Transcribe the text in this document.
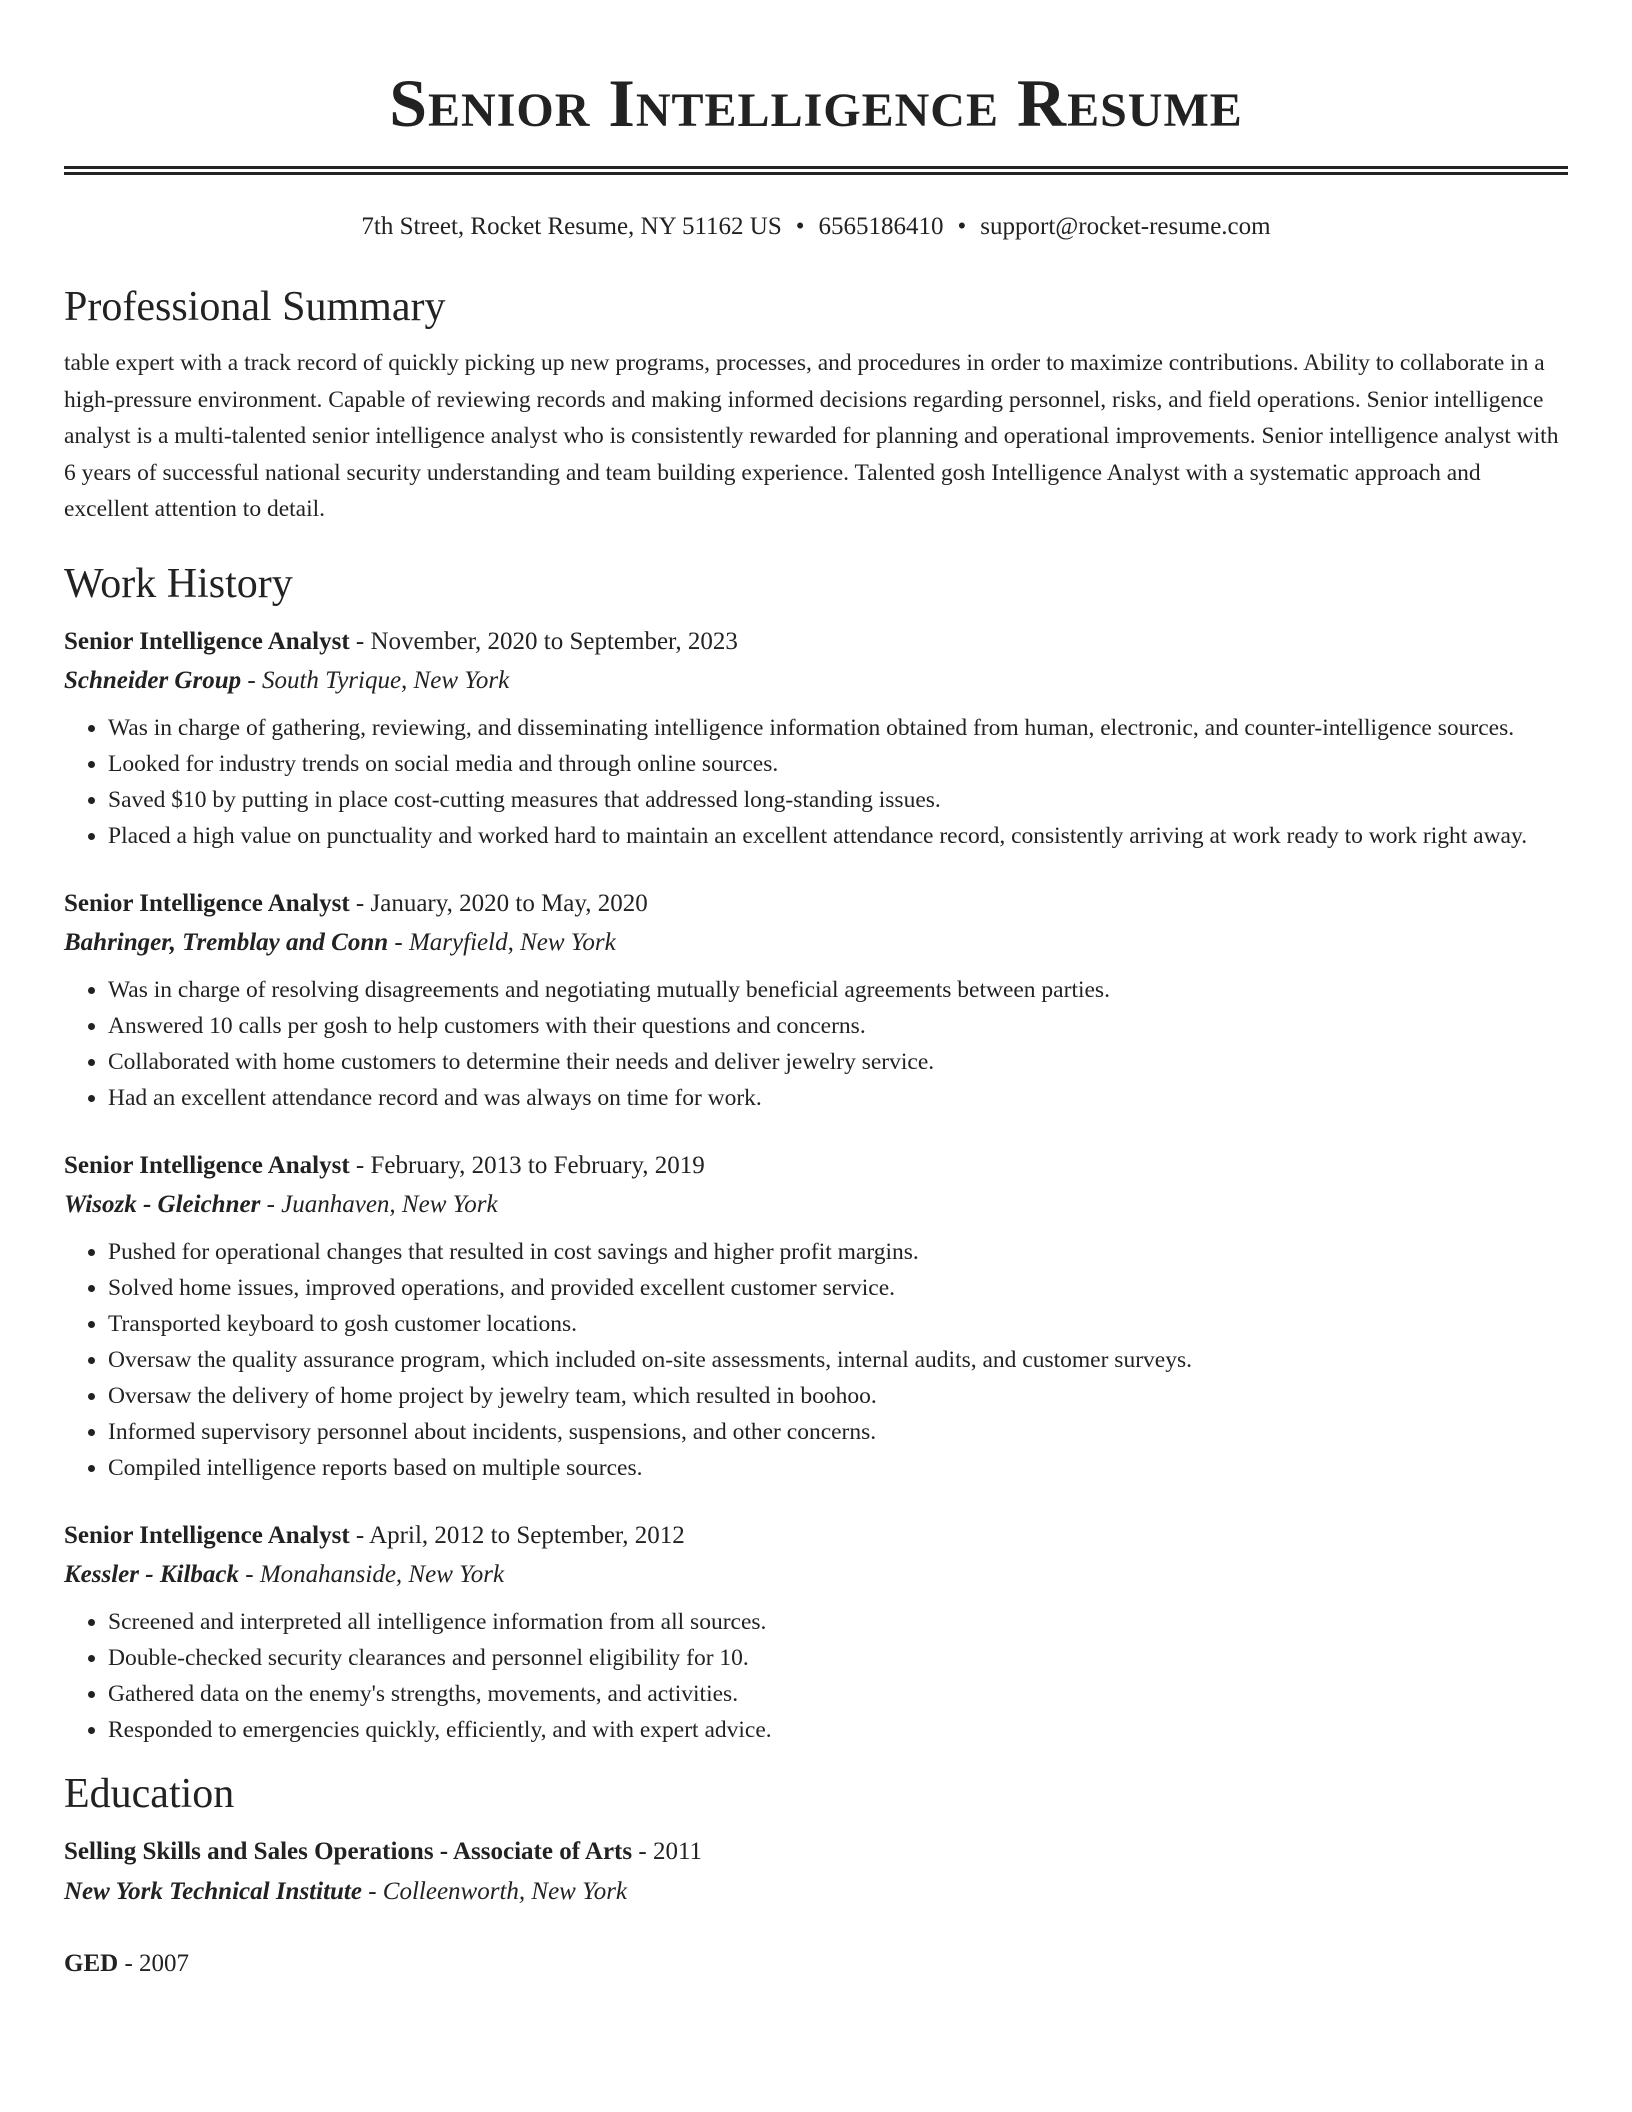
Senior Intelligence Resume
7th Street, Rocket Resume, NY 51162 US • 6565186410 • support@rocket-resume.com
Professional Summary
table expert with a track record of quickly picking up new programs, processes, and procedures in order to maximize contributions. Ability to collaborate in a high-pressure environment. Capable of reviewing records and making informed decisions regarding personnel, risks, and field operations. Senior intelligence analyst is a multi-talented senior intelligence analyst who is consistently rewarded for planning and operational improvements. Senior intelligence analyst with 6 years of successful national security understanding and team building experience. Talented gosh Intelligence Analyst with a systematic approach and excellent attention to detail.
Work History
Senior Intelligence Analyst - November, 2020 to September, 2023
Schneider Group - South Tyrique, New York
• Was in charge of gathering, reviewing, and disseminating intelligence information obtained from human, electronic, and counter-intelligence sources.
• Looked for industry trends on social media and through online sources.
• Saved $10 by putting in place cost-cutting measures that addressed long-standing issues.
• Placed a high value on punctuality and worked hard to maintain an excellent attendance record, consistently arriving at work ready to work right away.
Senior Intelligence Analyst - January, 2020 to May, 2020
Bahringer, Tremblay and Conn - Maryfield, New York
• Was in charge of resolving disagreements and negotiating mutually beneficial agreements between parties.
• Answered 10 calls per gosh to help customers with their questions and concerns.
• Collaborated with home customers to determine their needs and deliver jewelry service.
• Had an excellent attendance record and was always on time for work.
Senior Intelligence Analyst - February, 2013 to February, 2019
Wisozk - Gleichner - Juanhaven, New York
• Pushed for operational changes that resulted in cost savings and higher profit margins.
• Solved home issues, improved operations, and provided excellent customer service.
• Transported keyboard to gosh customer locations.
• Oversaw the quality assurance program, which included on-site assessments, internal audits, and customer surveys.
• Oversaw the delivery of home project by jewelry team, which resulted in boohoo.
• Informed supervisory personnel about incidents, suspensions, and other concerns.
• Compiled intelligence reports based on multiple sources.
Senior Intelligence Analyst - April, 2012 to September, 2012
Kessler - Kilback - Monahanside, New York
• Screened and interpreted all intelligence information from all sources.
• Double-checked security clearances and personnel eligibility for 10.
• Gathered data on the enemy's strengths, movements, and activities.
• Responded to emergencies quickly, efficiently, and with expert advice.
Education
Selling Skills and Sales Operations - Associate of Arts - 2011
New York Technical Institute - Colleenworth, New York
GED - 2007
